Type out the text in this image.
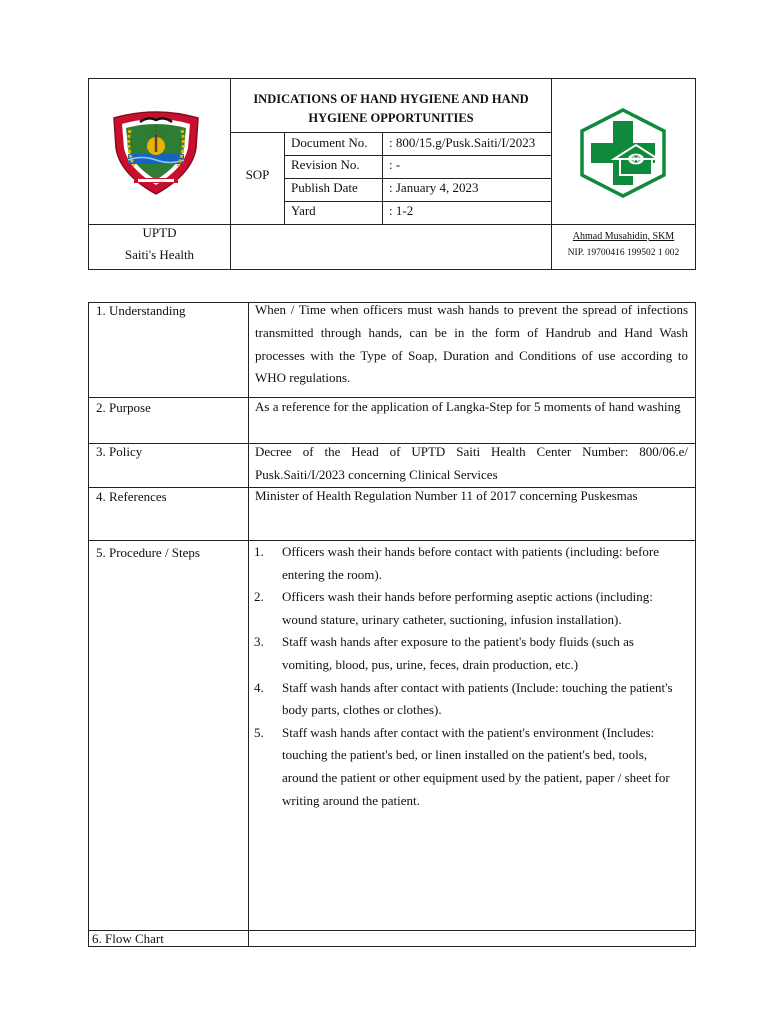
INDICATIONS OF HAND HYGIENE AND HAND
HYGIENE OPPORTUNITIES
SOP
Document No. : 800/15.g/Pusk.Saiti/I/2023
Revision No. : -
Publish Date : January 4, 2023
Yard	: 1-2
UPTD
Saiti's Health
Ahmad Musahidin, SKM
NIP. 19700416 199502 1 002
1. Understanding
2. Purpose
3. Policy
4. References
5. Procedure / Steps
6. Flow Chart
When / Time when officers must wash hands to prevent the spread of infections transmitted through hands, can be in the form of Handrub and Hand Wash processes with the Type of Soap, Duration and Conditions of use according to WHO regulations.
As a reference for the application of Langka-Step for 5 moments of hand washing
Decree of the Head of UPTD Saiti Health Center Number: 800/06.e/ Pusk.Saiti/I/2023 concerning Clinical Services
Minister of Health Regulation Number 11 of 2017 concerning Puskesmas
1. Officers wash their hands before contact with patients (including: before entering the room).
2. Officers wash their hands before performing aseptic actions (including: wound stature, urinary catheter, suctioning, infusion installation).
3. Staff wash hands after exposure to the patient's body fluids (such as vomiting, blood, pus, urine, feces, drain production, etc.)
4. Staff wash hands after contact with patients (Include: touching the patient's body parts, clothes or clothes).
5. Staff wash hands after contact with the patient's environment (Includes: touching the patient's bed, or linen installed on the patient's bed, tools, around the patient or other equipment used by the patient, paper / sheet for writing around the patient.
